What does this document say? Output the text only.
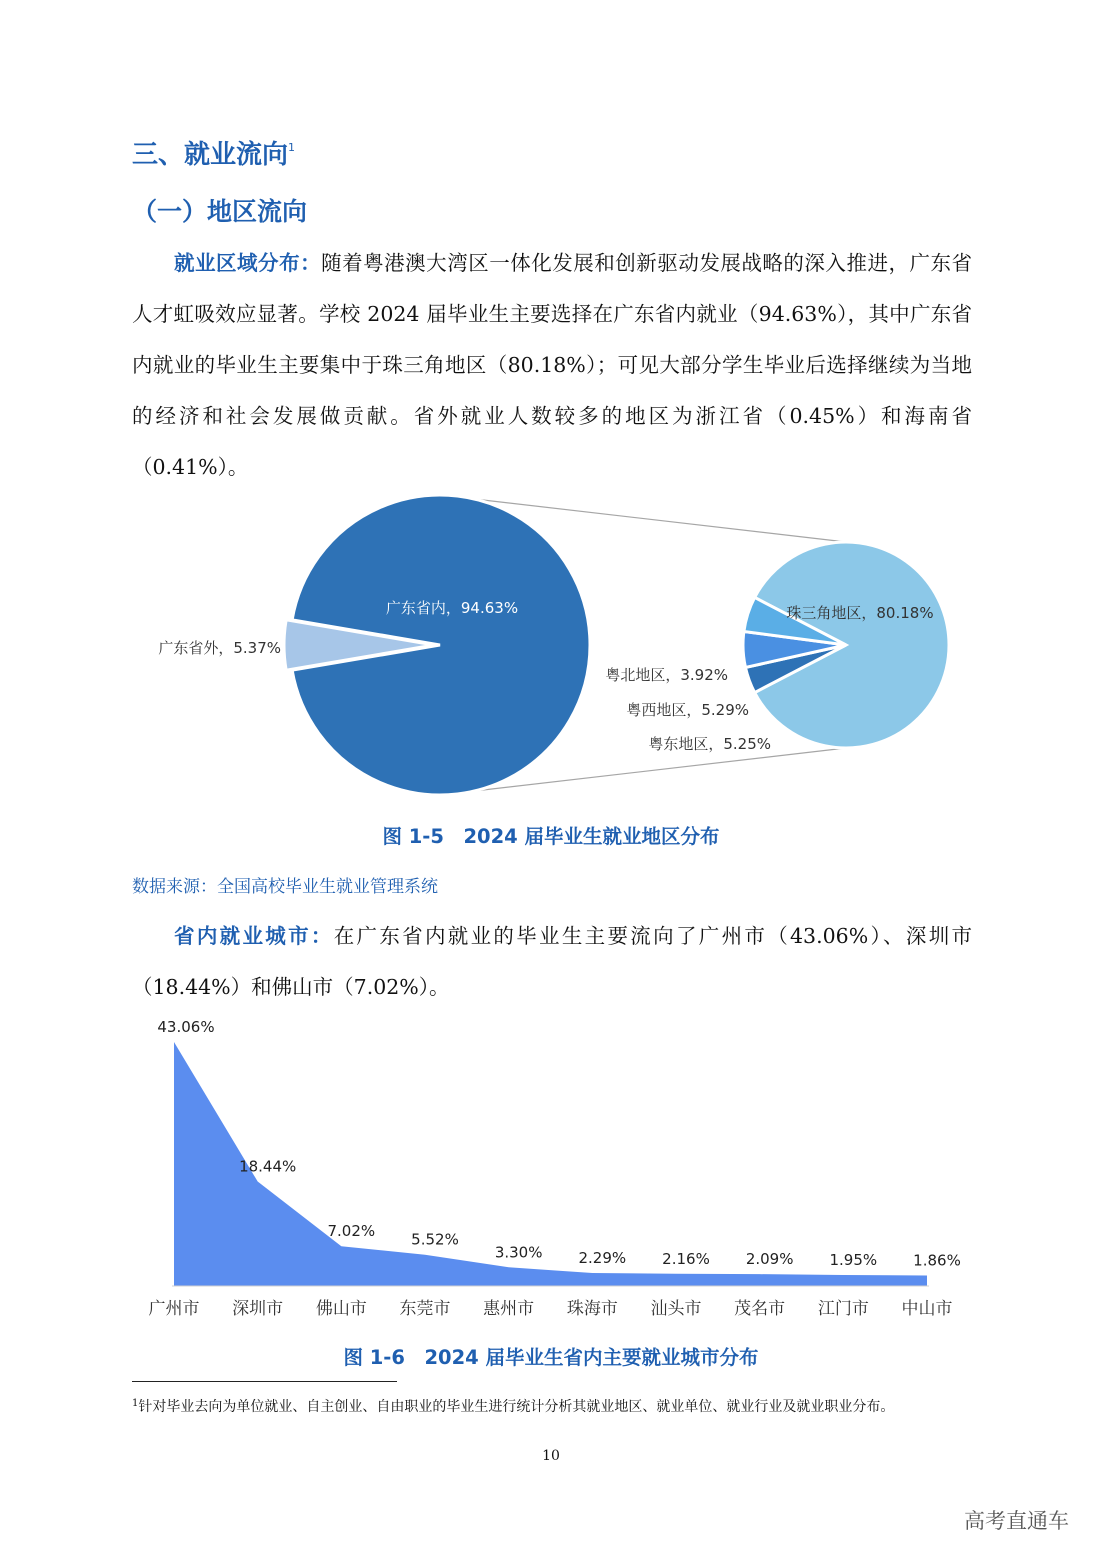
三、就业流向$^1$
（一）地区流向
就业区域分布：随着粤港澳大湾区一体化发展和创新驱动发展战略的深入推进，广东省人才虹吸效应显著。学校 2024 届毕业生主要选择在广东省内就业（94.63%），其中广东省内就业的毕业生主要集中于珠三角地区（80.18%）；可见大部分学生毕业后选择继续为当地的经济和社会发展做贡献。省外就业人数较多的地区为浙江省（0.45%）和海南省（0.41%）。
广东省内，94.63%
广东省外，5.37%
珠三角地区，80.18%
粤北地区，3.92%
粤西地区，5.29%
粤东地区，5.25%
图 1-5　2024 届毕业生就业地区分布
数据来源：全国高校毕业生就业管理系统
省内就业城市：在广东省内就业的毕业生主要流向了广州市（43.06%）、深圳市（18.44%）和佛山市（7.02%）。
43.06%
广州市
18.44%
深圳市
7.02%
佛山市
5.52%
东莞市
3.30%
惠州市
2.29%
珠海市
2.16%
汕头市
2.09%
茂名市
1.95%
江门市
1.86%
中山市
图 1-6　2024 届毕业生省内主要就业城市分布
$^1$针对毕业去向为单位就业、自主创业、自由职业的毕业生进行统计分析其就业地区、就业单位、就业行业及就业职业分布。
10
高考直通车
